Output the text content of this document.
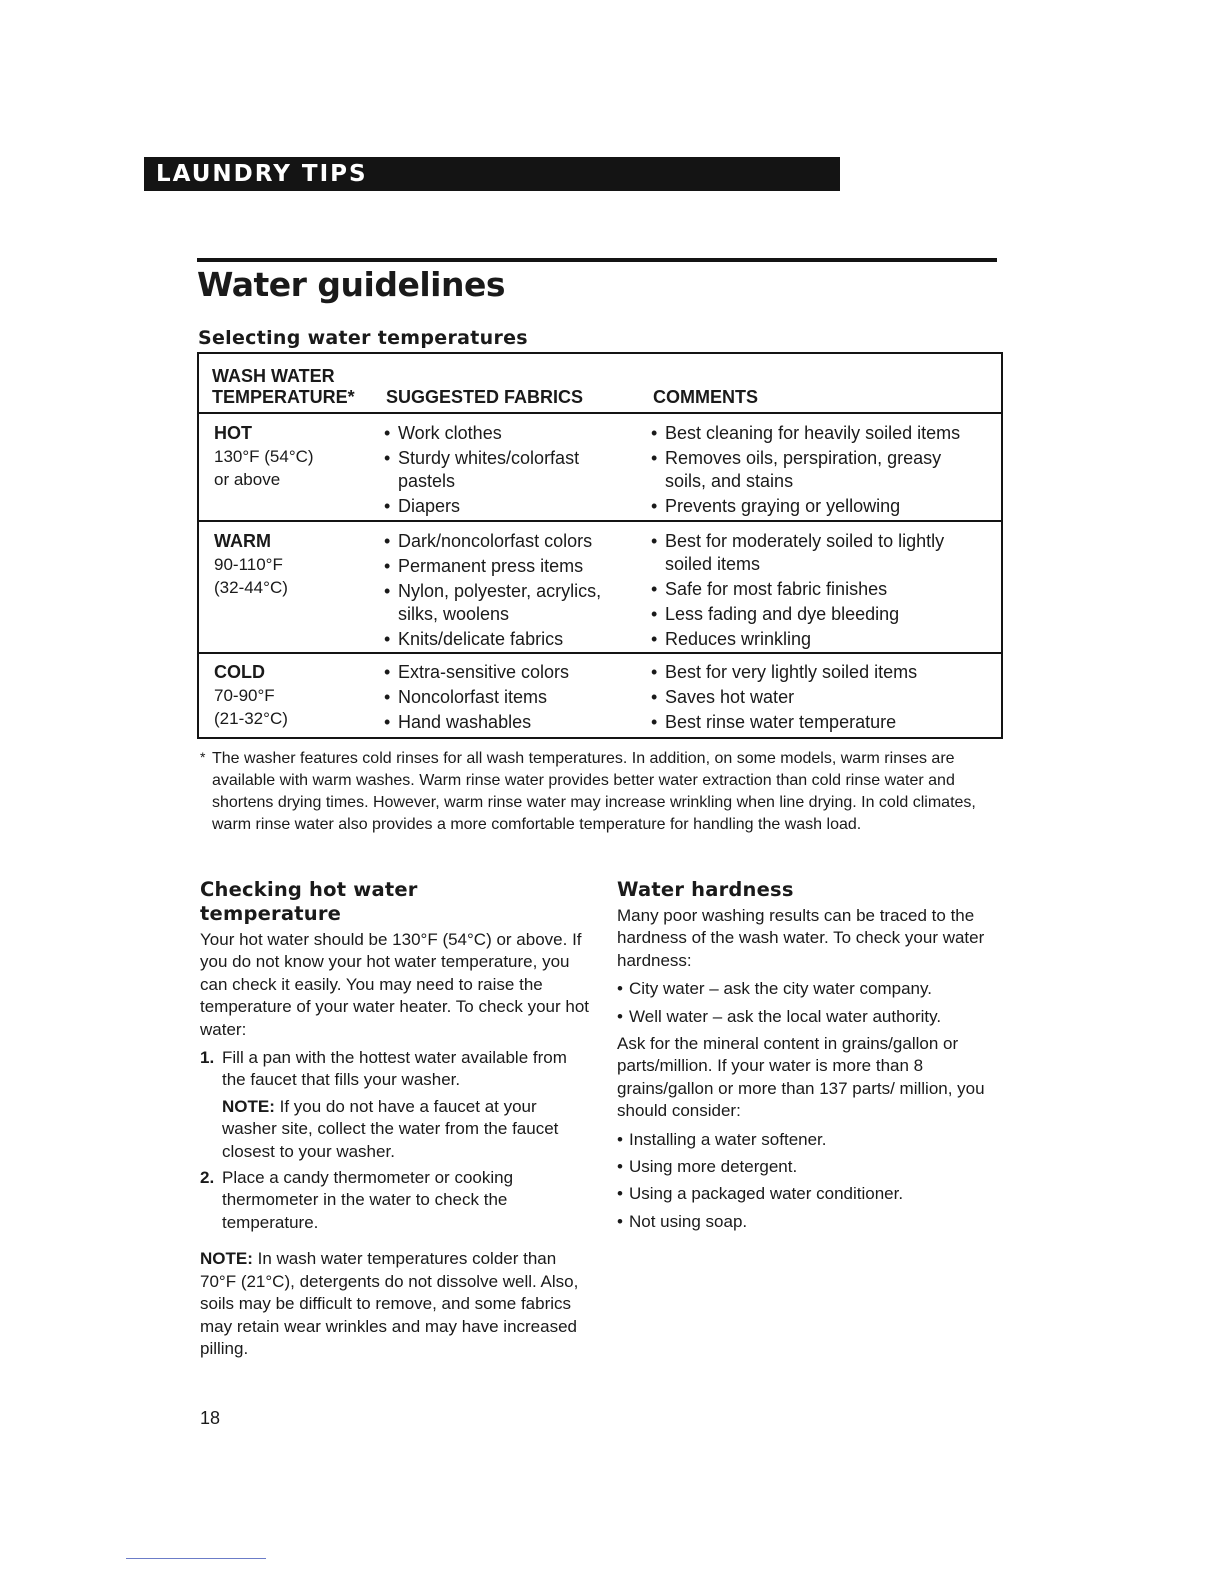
LAUNDRY TIPS
Water guidelines
Selecting water temperatures
WASH WATER
TEMPERATURE* SUGGESTED FABRICS	COMMENTS
HOT
130°F (54°C)
or above
• Work clothes
• Sturdy whites/colorfast pastels
• Diapers
• Best cleaning for heavily soiled items
• Removes oils, perspiration, greasy soils, and stains
• Prevents graying or yellowing
WARM
90-110°F
(32-44°C)
• Dark/noncolorfast colors
• Permanent press items
• Nylon, polyester, acrylics, silks, woolens
• Knits/delicate fabrics
• Best for moderately soiled to lightly soiled items
• Safe for most fabric finishes
• Less fading and dye bleeding
• Reduces wrinkling
COLD
70-90°F
(21-32°C)
• Extra-sensitive colors
• Noncolorfast items
• Hand washables
• Best for very lightly soiled items
• Saves hot water
• Best rinse water temperature
* The washer features cold rinses for all wash temperatures. In addition, on some models, warm rinses are available with warm washes. Warm rinse water provides better water extraction than cold rinse water and shortens drying times. However, warm rinse water may increase wrinkling when line drying. In cold climates, warm rinse water also provides a more comfortable temperature for handling the wash load.
Checking hot water
temperature

Your hot water should be 130°F (54°C) or above. If you do not know your hot water temperature, you can check it easily. You may need to raise the temperature of your water heater. To check your hot water:

1. Fill a pan with the hottest water available from the faucet that fills your washer.
NOTE: If you do not have a faucet at your washer site, collect the water from the faucet closest to your washer.
2. Place a candy thermometer or cooking thermometer in the water to check the temperature.

NOTE: In wash water temperatures colder than 70°F (21°C), detergents do not dissolve well. Also, soils may be difficult to remove, and some fabrics may retain wear wrinkles and may have increased pilling.

Water hardness

Many poor washing results can be traced to the hardness of the wash water. To check your water hardness:

• City water – ask the city water company.
• Well water – ask the local water authority.

Ask for the mineral content in grains/gallon or parts/million. If your water is more than 8 grains/gallon or more than 137 parts/ million, you should consider:

• Installing a water softener.
• Using more detergent.
• Using a packaged water conditioner.
• Not using soap.
18
